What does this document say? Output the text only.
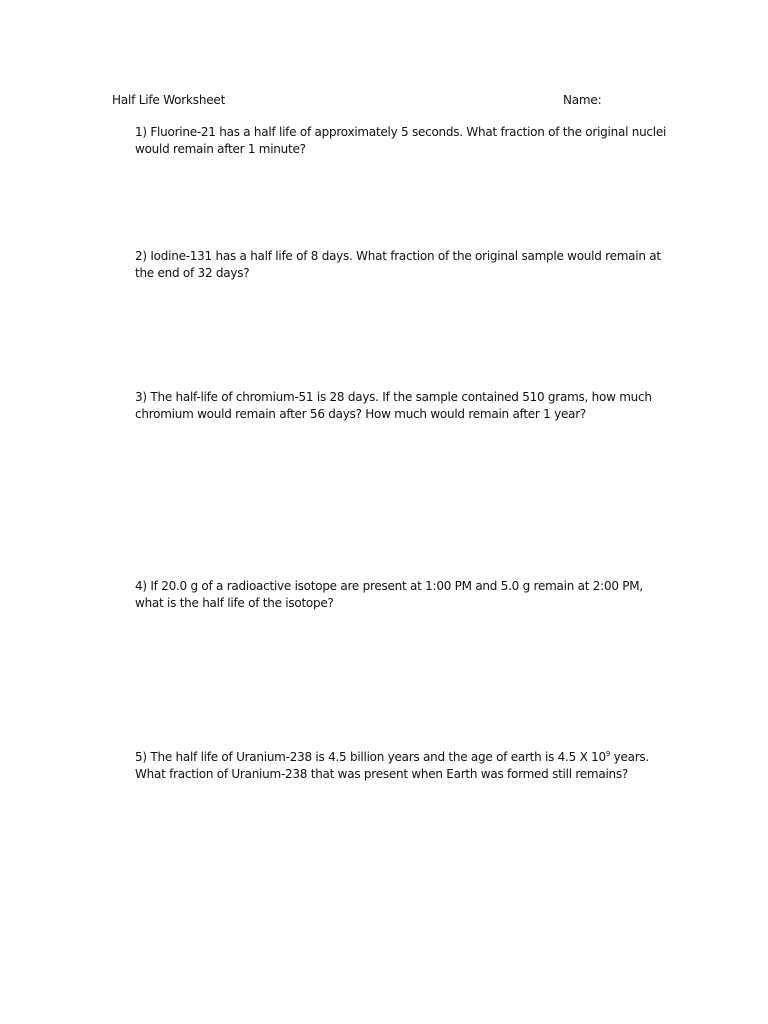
Half Life Worksheet	Name:
1) Fluorine-21 has a half life of approximately 5 seconds. What fraction of the original nuclei
would remain after 1 minute?
2) Iodine-131 has a half life of 8 days. What fraction of the original sample would remain at
the end of 32 days?
3) The half-life of chromium-51 is 28 days. If the sample contained 510 grams, how much
chromium would remain after 56 days? How much would remain after 1 year?
4) If 20.0 g of a radioactive isotope are present at 1:00 PM and 5.0 g remain at 2:00 PM,
what is the half life of the isotope?
5) The half life of Uranium-238 is 4.5 billion years and the age of earth is 4.5 X $10^9$ years.
What fraction of Uranium-238 that was present when Earth was formed still remains?
